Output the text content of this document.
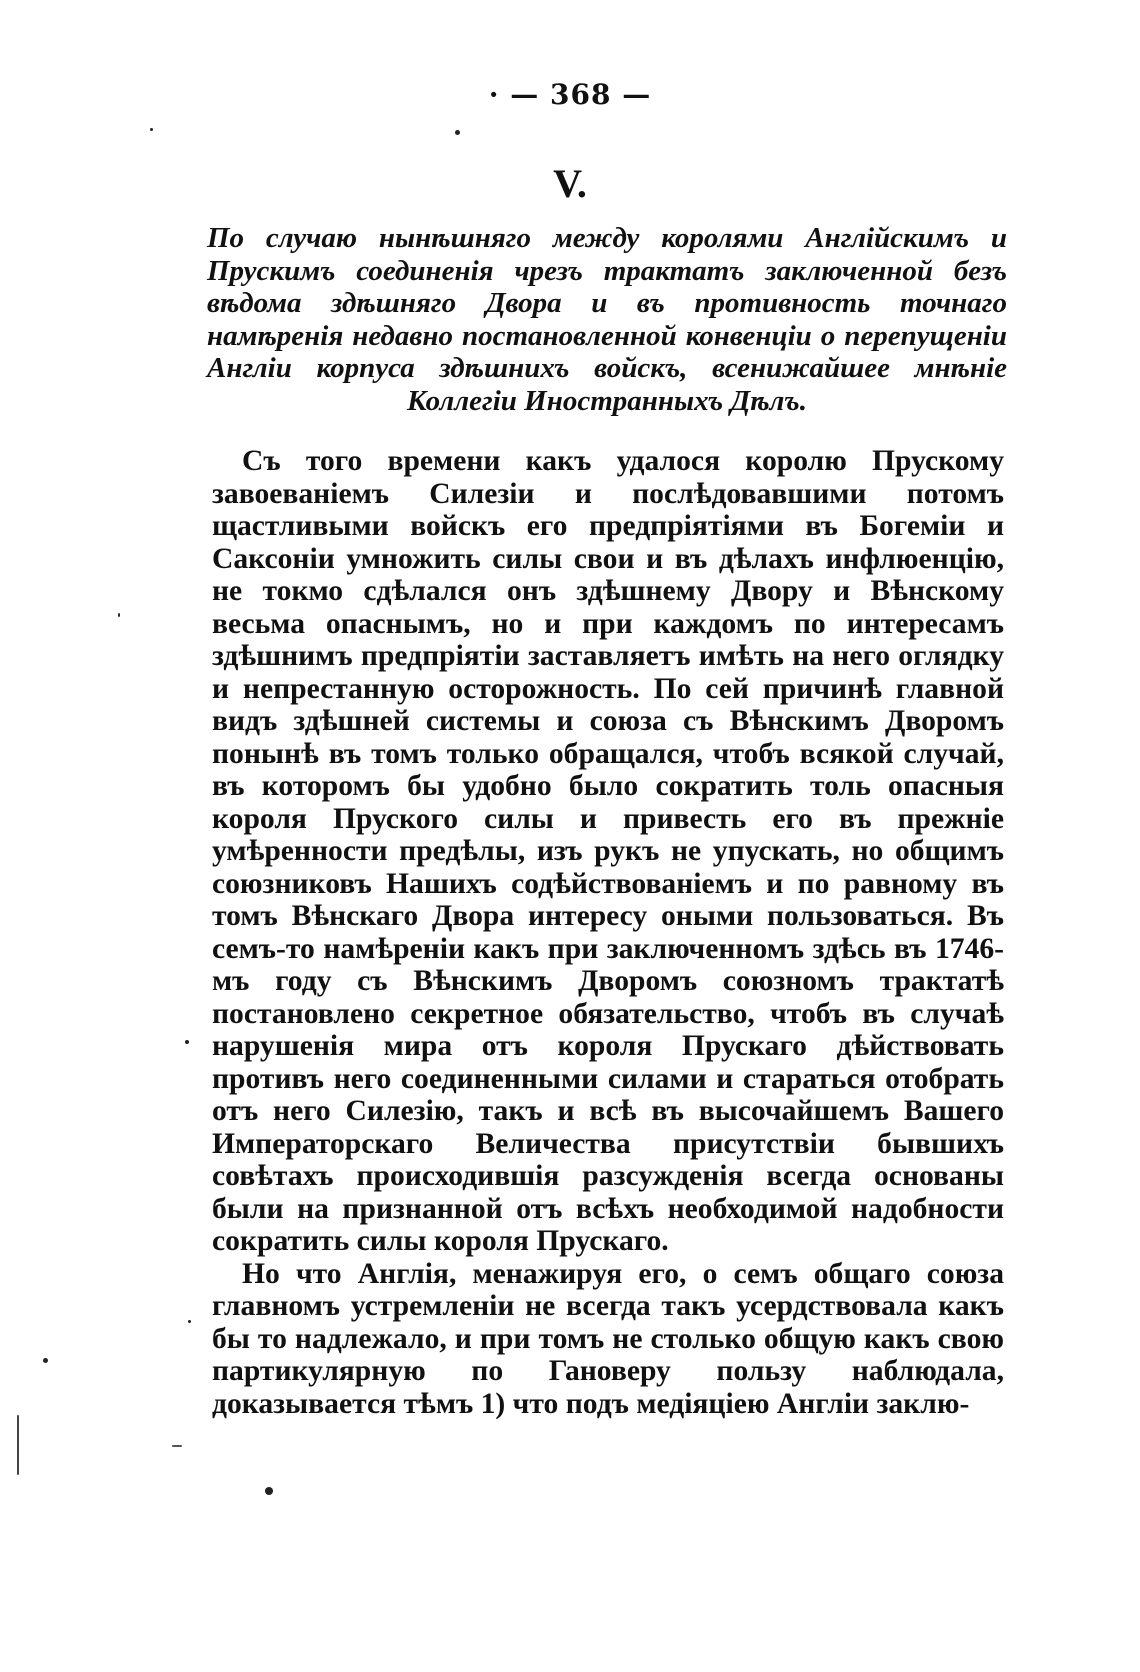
· — 368 —
V.
По случаю нынѣшняго между королями Англійскимъ и Прускимъ соединенія чрезъ трактатъ заключенной безъ вѣдома здѣшняго Двора и въ противность точнаго намѣренія недавно постановленной конвенціи о перепущеніи Англіи корпуса здѣшнихъ войскъ, всенижайшее мнѣніе Коллегіи Иностранныхъ Дѣлъ.

Съ того времени какъ удалося королю Прускому завоеваніемъ Силезіи и послѣдовавшими потомъ щастливыми войскъ его предпріятіями въ Богеміи и Саксоніи умножить силы свои и въ дѣлахъ инфлюенцію, не токмо сдѣлался онъ здѣшнему Двору и Вѣнскому весьма опаснымъ, но и при каждомъ по интересамъ здѣшнимъ предпріятіи заставляетъ имѣть на него оглядку и непрестанную осторожность. По сей причинѣ главной видъ здѣшней системы и союза съ Вѣнскимъ Дворомъ понынѣ въ томъ только обращался, чтобъ всякой случай, въ которомъ бы удобно было сократить толь опасныя короля Пруского силы и привесть его въ прежніе умѣренности предѣлы, изъ рукъ не упускать, но общимъ союзниковъ Нашихъ содѣйствованіемъ и по равному въ томъ Вѣнскаго Двора интересу оными пользоваться. Въ семъ-то намѣреніи какъ при заключенномъ здѣсь въ 1746-мъ году съ Вѣнскимъ Дворомъ союзномъ трактатѣ постановлено секретное обязательство, чтобъ въ случаѣ нарушенія мира отъ короля Прускаго дѣйствовать противъ него соединенными силами и стараться отобрать отъ него Силезію, такъ и всѣ въ высочайшемъ Вашего Императорскаго Величества присутствіи бывшихъ совѣтахъ происходившія разсужденія всегда основаны были на признанной отъ всѣхъ необходимой надобности сократить силы короля Прускаго.

Но что Англія, менажируя его, о семъ общаго союза главномъ устремленіи не всегда такъ усердствовала какъ бы то надлежало, и при томъ не столько общую какъ свою партикулярную по Гановеру пользу наблюдала, доказывается тѣмъ 1) что подъ медіяціею Англіи заклю-
